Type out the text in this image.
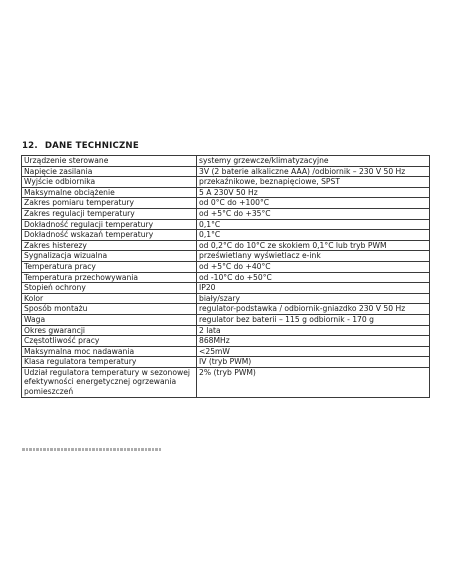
12. DANE TECHNICZNE
Urządzenie sterowane	systemy grzewcze/klimatyzacyjne
Napięcie zasilania	3V (2 baterie alkaliczne AAA) /odbiornik – 230 V 50 Hz
Wyjście odbiornika	przekaźnikowe, beznapięciowe, SPST
Maksymalne obciążenie	5 A 230V 50 Hz
Zakres pomiaru temperatury	od 0°C do +100°C
Zakres regulacji temperatury	od +5°C do +35°C
Dokładność regulacji temperatury	0,1°C
Dokładność wskazań temperatury	0,1°C
Zakres histerezy	od 0,2°C do 10°C ze skokiem 0,1°C lub tryb PWM
Sygnalizacja wizualna	prześwietlany wyświetlacz e-ink
Temperatura pracy	od +5°C do +40°C
Temperatura przechowywania	od -10°C do +50°C
Stopień ochrony	IP20
Kolor	biały/szary
Sposób montażu	regulator-podstawka / odbiornik-gniazdko 230 V 50 Hz
Waga	regulator bez baterii – 115 g odbiornik - 170 g
Okres gwarancji	2 lata
Częstotliwość pracy	868MHz
Maksymalna moc nadawania	<25mW
Klasa regulatora temperatury	IV (tryb PWM)
Udział regulatora temperatury w sezonowej efektywności energetycznej ogrzewania pomieszczeń	2% (tryb PWM)
